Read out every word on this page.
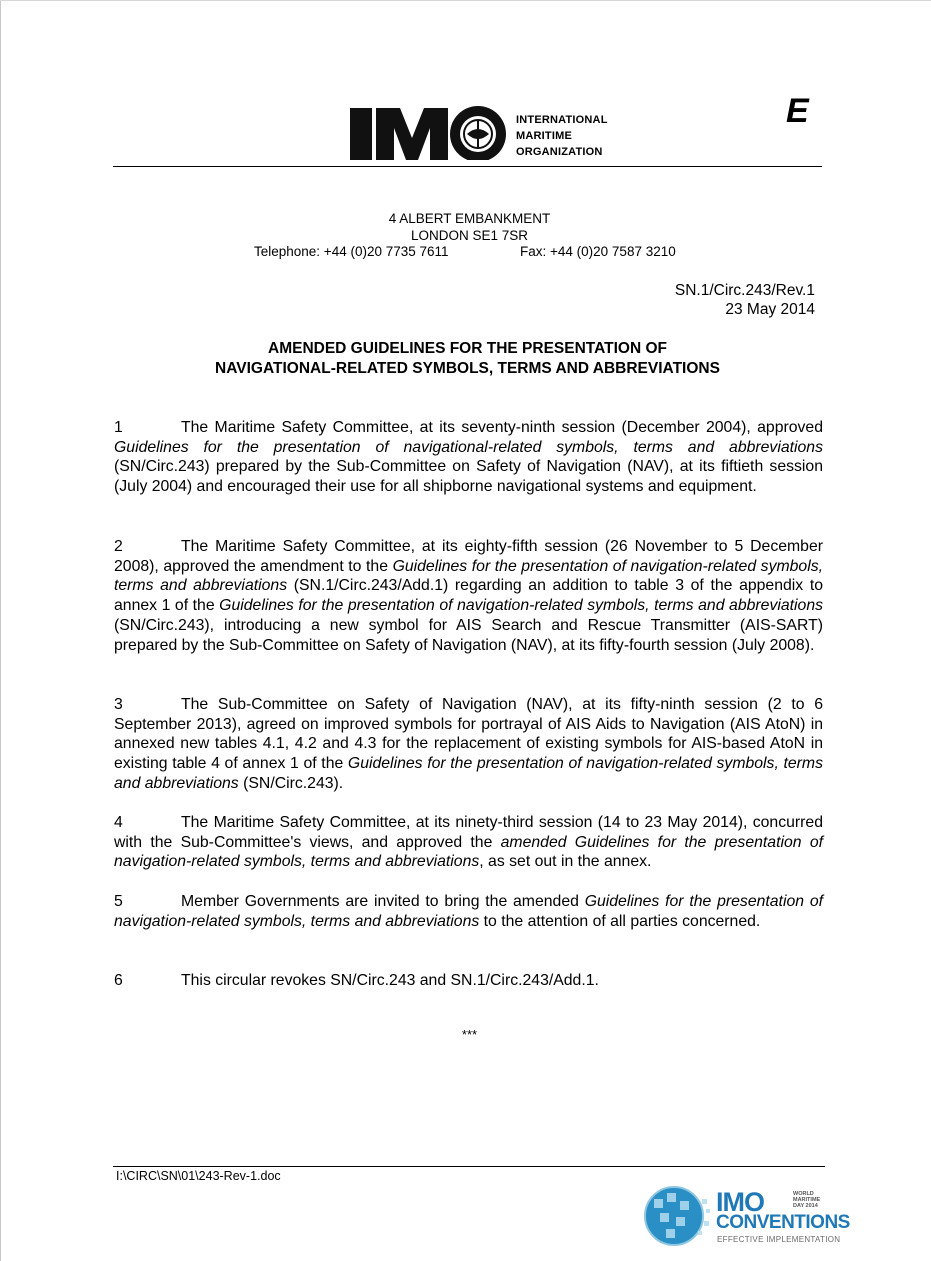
INTERNATIONAL
MARITIME
ORGANIZATION
E
4 ALBERT EMBANKMENT
LONDON SE1 7SR
Telephone: +44 (0)20 7735 7611	Fax: +44 (0)20 7587 3210
SN.1/Circ.243/Rev.1
23 May 2014
AMENDED GUIDELINES FOR THE PRESENTATION OF
NAVIGATIONAL-RELATED SYMBOLS, TERMS AND ABBREVIATIONS
1	The Maritime Safety Committee, at its seventy-ninth session (December 2004), approved Guidelines for the presentation of navigational-related symbols, terms and abbreviations (SN/Circ.243) prepared by the Sub-Committee on Safety of Navigation (NAV), at its fiftieth session (July 2004) and encouraged their use for all shipborne navigational systems and equipment.
2	The Maritime Safety Committee, at its eighty-fifth session (26 November to 5 December 2008), approved the amendment to the Guidelines for the presentation of navigation-related symbols, terms and abbreviations (SN.1/Circ.243/Add.1) regarding an addition to table 3 of the appendix to annex 1 of the Guidelines for the presentation of navigation-related symbols, terms and abbreviations (SN/Circ.243), introducing a new symbol for AIS Search and Rescue Transmitter (AIS-SART) prepared by the Sub-Committee on Safety of Navigation (NAV), at its fifty-fourth session (July 2008).
3	The Sub-Committee on Safety of Navigation (NAV), at its fifty-ninth session (2 to 6 September 2013), agreed on improved symbols for portrayal of AIS Aids to Navigation (AIS AtoN) in annexed new tables 4.1, 4.2 and 4.3 for the replacement of existing symbols for AIS-based AtoN in existing table 4 of annex 1 of the Guidelines for the presentation of navigation-related symbols, terms and abbreviations (SN/Circ.243).
4	The Maritime Safety Committee, at its ninety-third session (14 to 23 May 2014), concurred with the Sub-Committee's views, and approved the amended Guidelines for the presentation of navigation-related symbols, terms and abbreviations, as set out in the annex.
5	Member Governments are invited to bring the amended Guidelines for the presentation of navigation-related symbols, terms and abbreviations to the attention of all parties concerned.
6	This circular revokes SN/Circ.243 and SN.1/Circ.243/Add.1.
***
I:\CIRC\SN\01\243-Rev-1.doc
IMO	WORLD
MARITIME
DAY 2014
CONVENTIONS
EFFECTIVE IMPLEMENTATION
